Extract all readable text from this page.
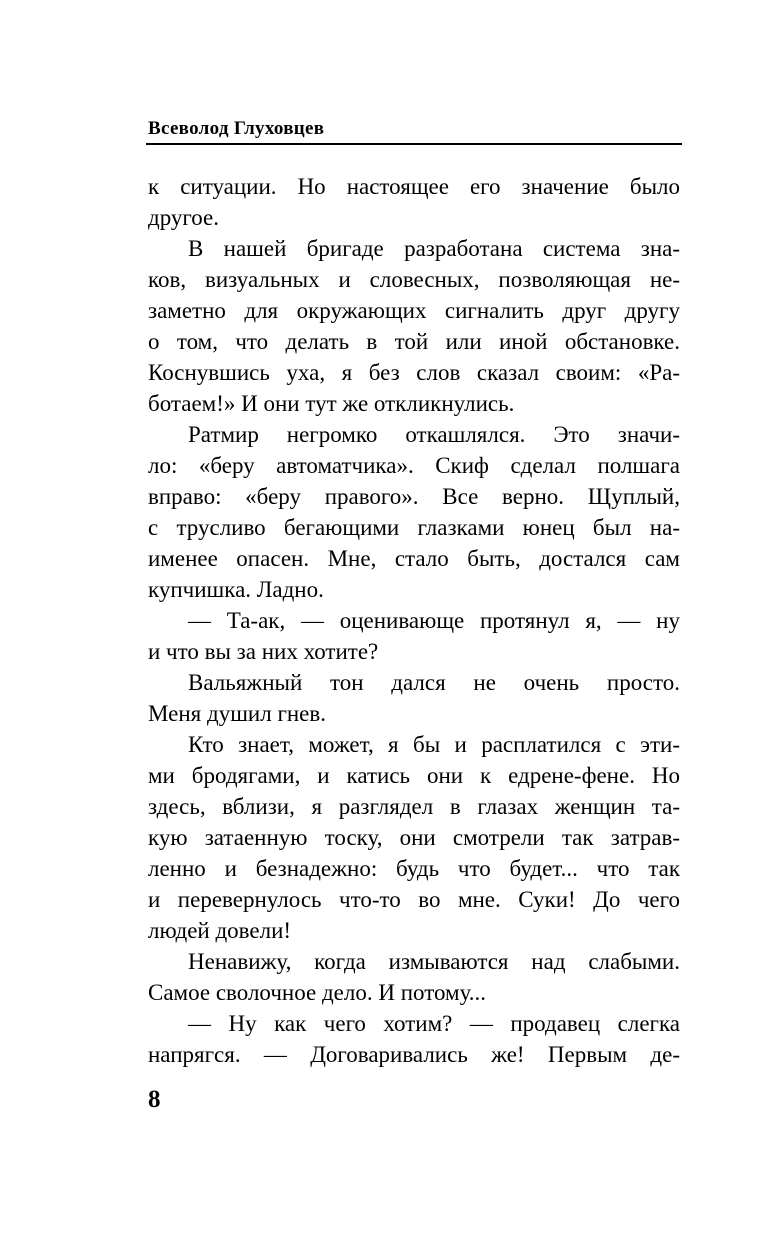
Всеволод Глуховцев
к ситуации. Но настоящее его значение было
другое.
В нашей бригаде разработана система зна-
ков, визуальных и словесных, позволяющая не-
заметно для окружающих сигналить друг другу
о том, что делать в той или иной обстановке.
Коснувшись уха, я без слов сказал своим: «Ра-
ботаем!» И они тут же откликнулись.
Ратмир негромко откашлялся. Это значи-
ло: «беру автоматчика». Скиф сделал полшага
вправо: «беру правого». Все верно. Щуплый,
с трусливо бегающими глазками юнец был на-
именее опасен. Мне, стало быть, достался сам
купчишка. Ладно.
— Та-ак, — оценивающе протянул я, — ну
и что вы за них хотите?
Вальяжный тон дался не очень просто.
Меня душил гнев.
Кто знает, может, я бы и расплатился с эти-
ми бродягами, и катись они к едрене-фене. Но
здесь, вблизи, я разглядел в глазах женщин та-
кую затаенную тоску, они смотрели так затрав-
ленно и безнадежно: будь что будет... что так
и перевернулось что-то во мне. Суки! До чего
людей довели!
Ненавижу, когда измываются над слабыми.
Самое сволочное дело. И потому...
— Ну как чего хотим? — продавец слегка
напрягся. — Договаривались же! Первым де-
8
